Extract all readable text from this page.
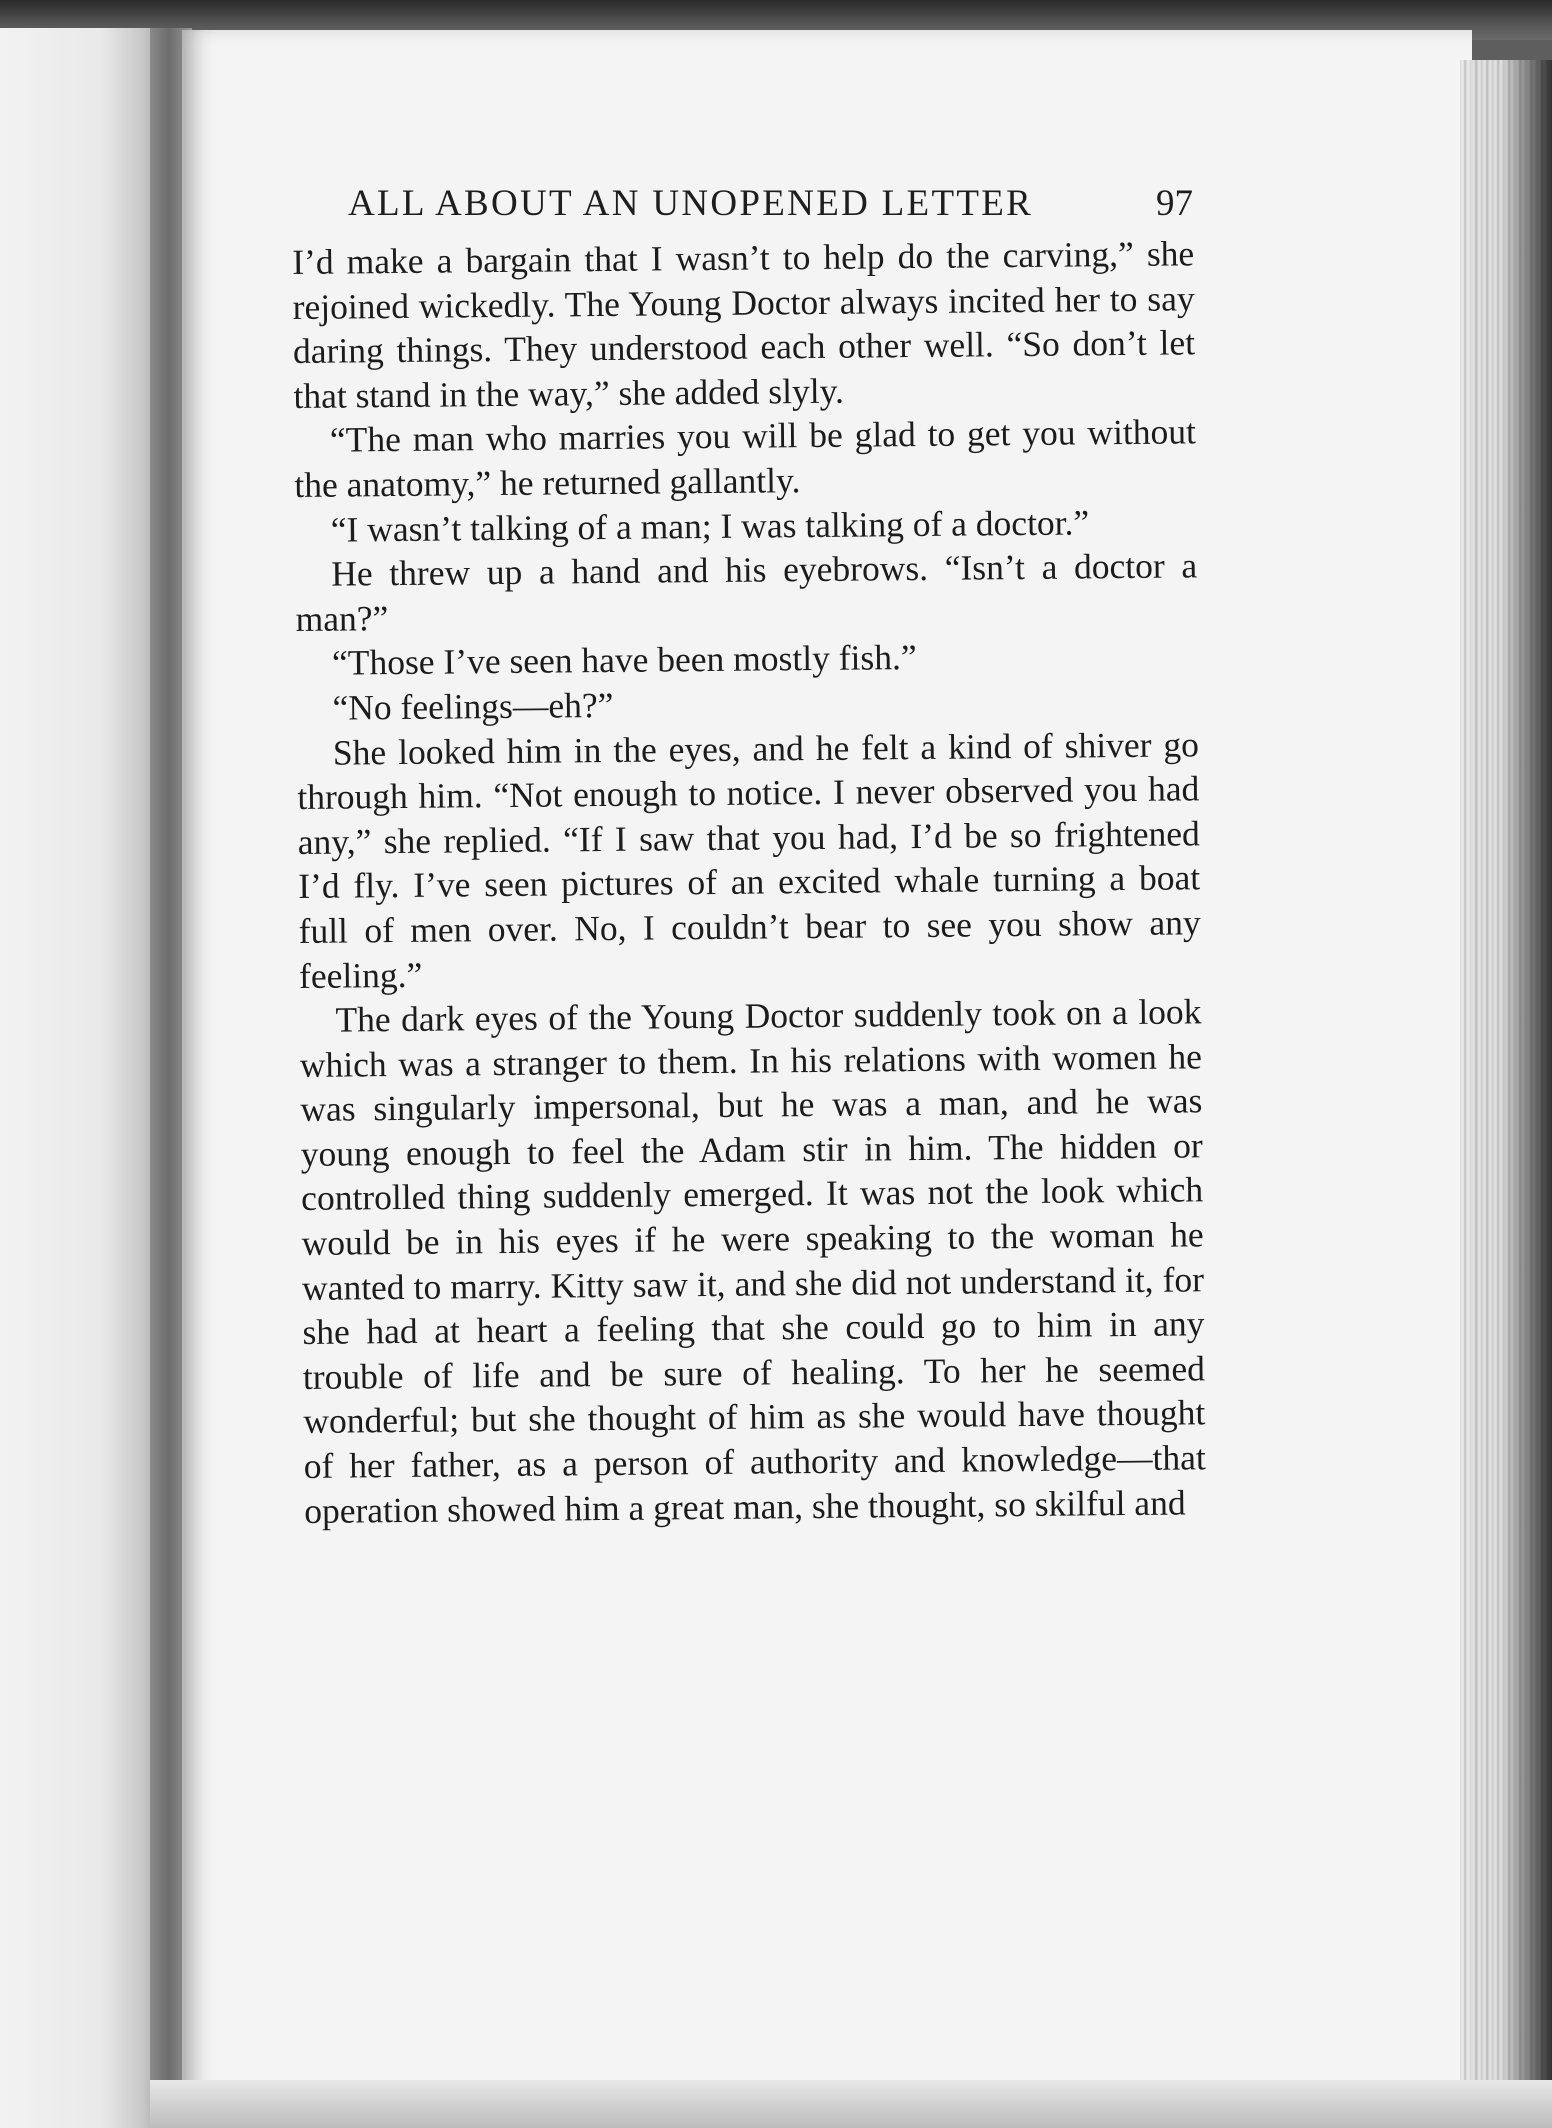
ALL ABOUT AN UNOPENED LETTER	97

I’d make a bargain that I wasn’t to help do the carving,” she rejoined wickedly. The Young Doctor always incited her to say daring things. They understood each other well. “So don’t let that stand in the way,” she added slyly.

“The man who marries you will be glad to get you without the anatomy,” he returned gallantly.

“I wasn’t talking of a man; I was talking of a doctor.”

He threw up a hand and his eyebrows. “Isn’t a doctor a man?”

“Those I’ve seen have been mostly fish.”

“No feelings—eh?”

She looked him in the eyes, and he felt a kind of shiver go through him. “Not enough to notice. I never observed you had any,” she replied. “If I saw that you had, I’d be so frightened I’d fly. I’ve seen pictures of an excited whale turning a boat full of men over. No, I couldn’t bear to see you show any feeling.”

The dark eyes of the Young Doctor suddenly took on a look which was a stranger to them. In his relations with women he was singularly impersonal, but he was a man, and he was young enough to feel the Adam stir in him. The hidden or controlled thing suddenly emerged. It was not the look which would be in his eyes if he were speaking to the woman he wanted to marry. Kitty saw it, and she did not understand it, for she had at heart a feeling that she could go to him in any trouble of life and be sure of healing. To her he seemed wonderful; but she thought of him as she would have thought of her father, as a person of authority and knowledge—that operation showed him a great man, she thought, so skilful and
